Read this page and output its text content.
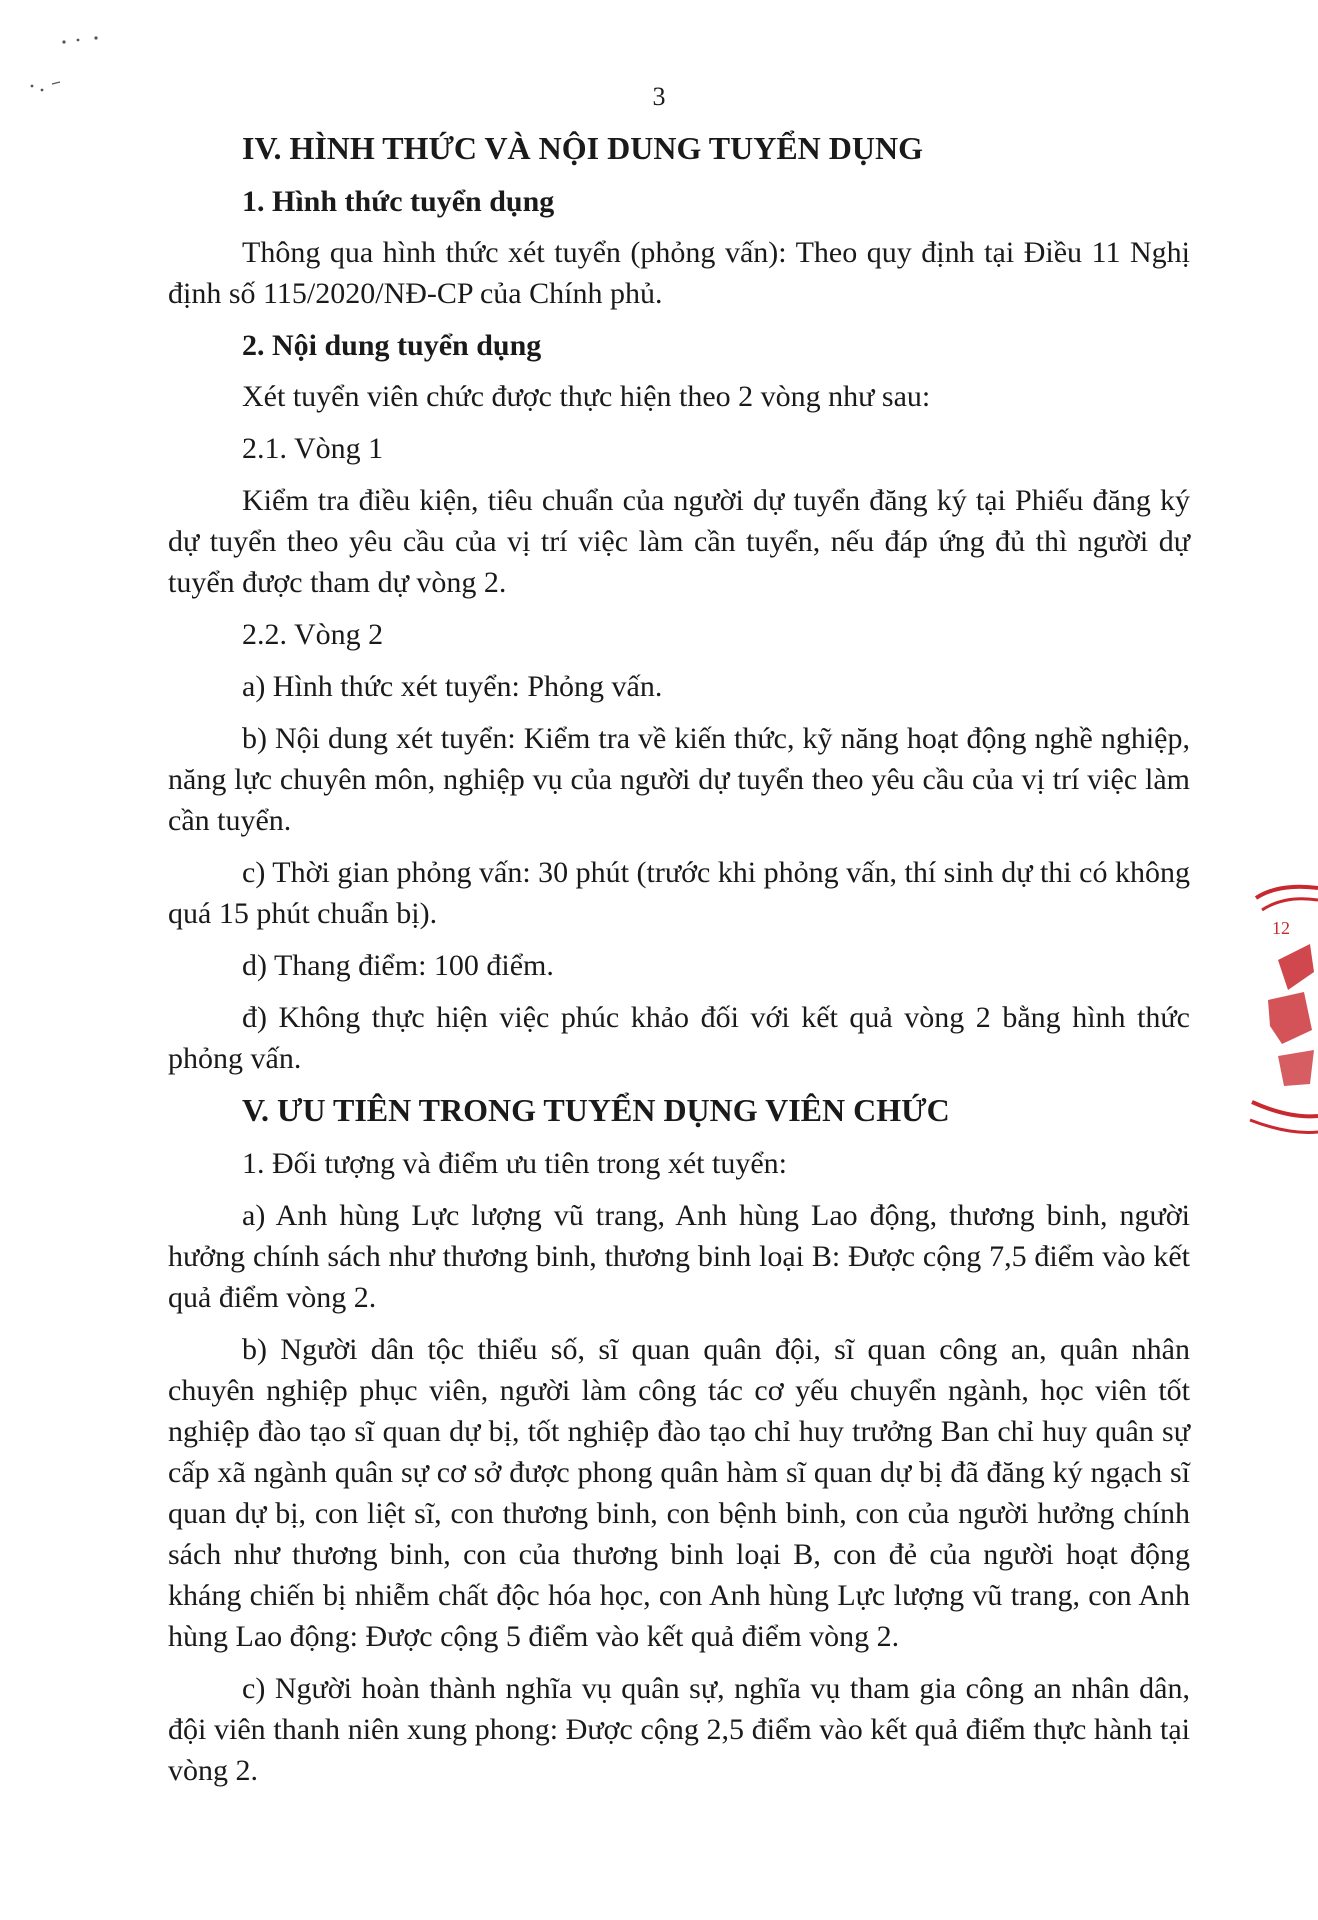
3

IV. HÌNH THỨC VÀ NỘI DUNG TUYỂN DỤNG

1. Hình thức tuyển dụng

Thông qua hình thức xét tuyển (phỏng vấn): Theo quy định tại Điều 11 Nghị định số 115/2020/NĐ-CP của Chính phủ.

2. Nội dung tuyển dụng

Xét tuyển viên chức được thực hiện theo 2 vòng như sau:

2.1. Vòng 1

Kiểm tra điều kiện, tiêu chuẩn của người dự tuyển đăng ký tại Phiếu đăng ký dự tuyển theo yêu cầu của vị trí việc làm cần tuyển, nếu đáp ứng đủ thì người dự tuyển được tham dự vòng 2.

2.2. Vòng 2

a) Hình thức xét tuyển: Phỏng vấn.

b) Nội dung xét tuyển: Kiểm tra về kiến thức, kỹ năng hoạt động nghề nghiệp, năng lực chuyên môn, nghiệp vụ của người dự tuyển theo yêu cầu của vị trí việc làm cần tuyển.

c) Thời gian phỏng vấn: 30 phút (trước khi phỏng vấn, thí sinh dự thi có không quá 15 phút chuẩn bị).

d) Thang điểm: 100 điểm.

đ) Không thực hiện việc phúc khảo đối với kết quả vòng 2 bằng hình thức phỏng vấn.

V. ƯU TIÊN TRONG TUYỂN DỤNG VIÊN CHỨC

1. Đối tượng và điểm ưu tiên trong xét tuyển:

a) Anh hùng Lực lượng vũ trang, Anh hùng Lao động, thương binh, người hưởng chính sách như thương binh, thương binh loại B: Được cộng 7,5 điểm vào kết quả điểm vòng 2.

b) Người dân tộc thiểu số, sĩ quan quân đội, sĩ quan công an, quân nhân chuyên nghiệp phục viên, người làm công tác cơ yếu chuyển ngành, học viên tốt nghiệp đào tạo sĩ quan dự bị, tốt nghiệp đào tạo chỉ huy trưởng Ban chỉ huy quân sự cấp xã ngành quân sự cơ sở được phong quân hàm sĩ quan dự bị đã đăng ký ngạch sĩ quan dự bị, con liệt sĩ, con thương binh, con bệnh binh, con của người hưởng chính sách như thương binh, con của thương binh loại B, con đẻ của người hoạt động kháng chiến bị nhiễm chất độc hóa học, con Anh hùng Lực lượng vũ trang, con Anh hùng Lao động: Được cộng 5 điểm vào kết quả điểm vòng 2.

c) Người hoàn thành nghĩa vụ quân sự, nghĩa vụ tham gia công an nhân dân, đội viên thanh niên xung phong: Được cộng 2,5 điểm vào kết quả điểm thực hành tại vòng 2.

12
